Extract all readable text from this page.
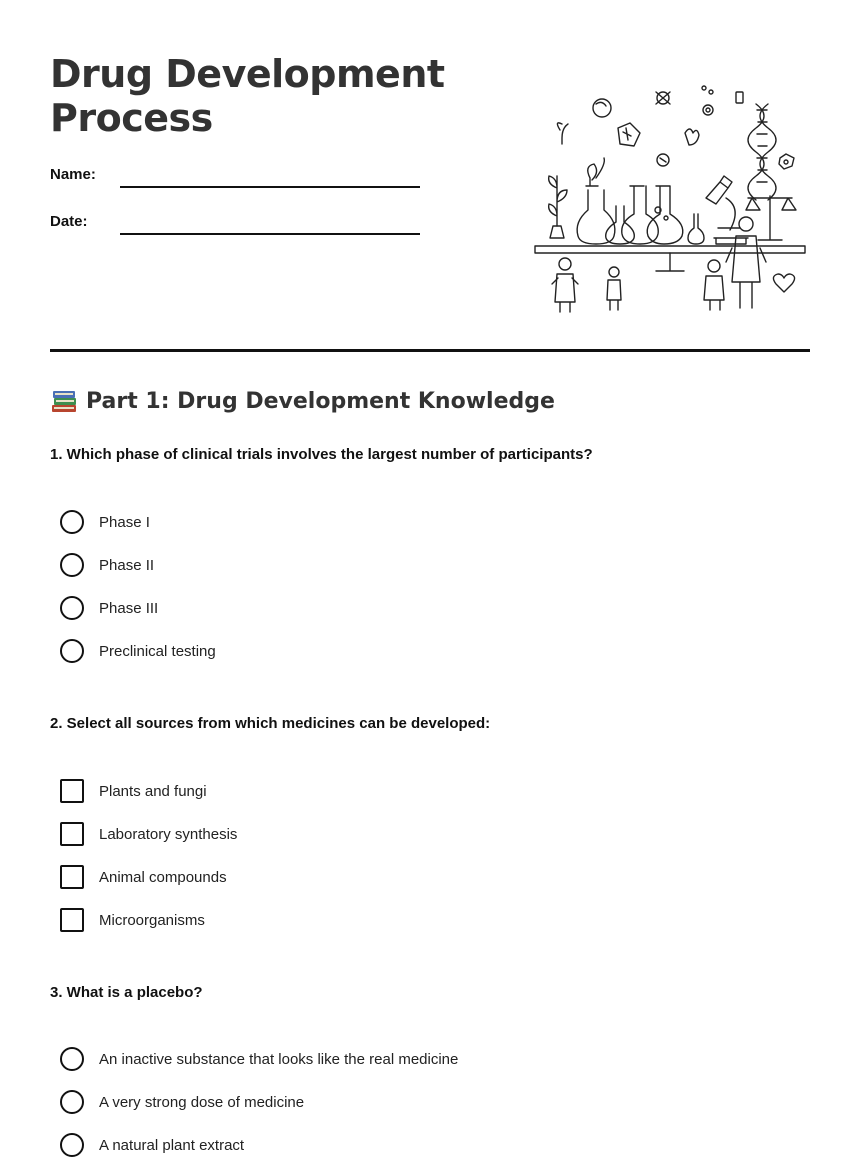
Drug Development
Process
Name:
Date:
Part 1: Drug Development Knowledge

1. Which phase of clinical trials involves the largest number of participants?

Phase I
Phase II
Phase III
Preclinical testing

2. Select all sources from which medicines can be developed:

Plants and fungi
Laboratory synthesis
Animal compounds
Microorganisms

3. What is a placebo?

An inactive substance that looks like the real medicine
A very strong dose of medicine
A natural plant extract
